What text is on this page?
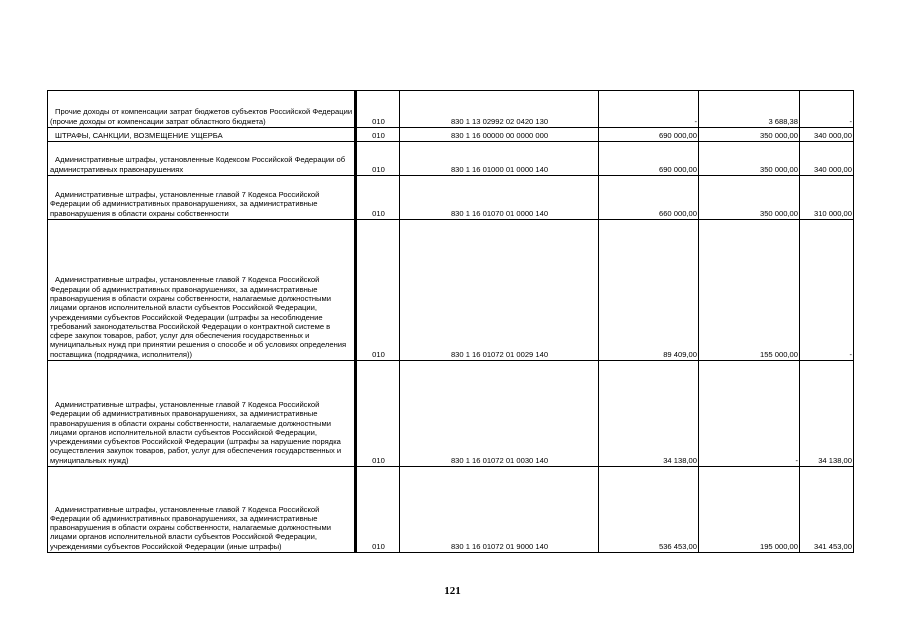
Прочие доходы от компенсации затрат бюджетов субъектов Российской Федерации (прочие доходы от компенсации затрат областного бюджета)	010	830 1 13 02992 02 0420 130	-	3 688,38	-
ШТРАФЫ, САНКЦИИ, ВОЗМЕЩЕНИЕ УЩЕРБА	010	830 1 16 00000 00 0000 000	690 000,00	350 000,00	340 000,00
Административные штрафы, установленные Кодексом Российской Федерации об административных правонарушениях	010	830 1 16 01000 01 0000 140	690 000,00	350 000,00	340 000,00
Административные штрафы, установленные главой 7 Кодекса Российской Федерации об административных правонарушениях, за административные правонарушения в области охраны собственности	010	830 1 16 01070 01 0000 140	660 000,00	350 000,00	310 000,00
Административные штрафы, установленные главой 7 Кодекса Российской Федерации об административных правонарушениях, за административные правонарушения в области охраны собственности, налагаемые должностными лицами органов исполнительной власти субъектов Российской Федерации, учреждениями субъектов Российской Федерации (штрафы за несоблюдение требований законодательства Российской Федерации о контрактной системе в сфере закупок товаров, работ, услуг для обеспечения государственных и муниципальных нужд при принятии решения о способе и об условиях определения поставщика (подрядчика, исполнителя))	010	830 1 16 01072 01 0029 140	89 409,00	155 000,00	-
Административные штрафы, установленные главой 7 Кодекса Российской Федерации об административных правонарушениях, за административные правонарушения в области охраны собственности, налагаемые должностными лицами органов исполнительной власти субъектов Российской Федерации, учреждениями субъектов Российской Федерации (штрафы за нарушение порядка осуществления закупок товаров, работ, услуг для обеспечения государственных и муниципальных нужд)	010	830 1 16 01072 01 0030 140	34 138,00	-	34 138,00
Административные штрафы, установленные главой 7 Кодекса Российской Федерации об административных правонарушениях, за административные правонарушения в области охраны собственности, налагаемые должностными лицами органов исполнительной власти субъектов Российской Федерации, учреждениями субъектов Российской Федерации (иные штрафы)	010	830 1 16 01072 01 9000 140	536 453,00	195 000,00	341 453,00
121
